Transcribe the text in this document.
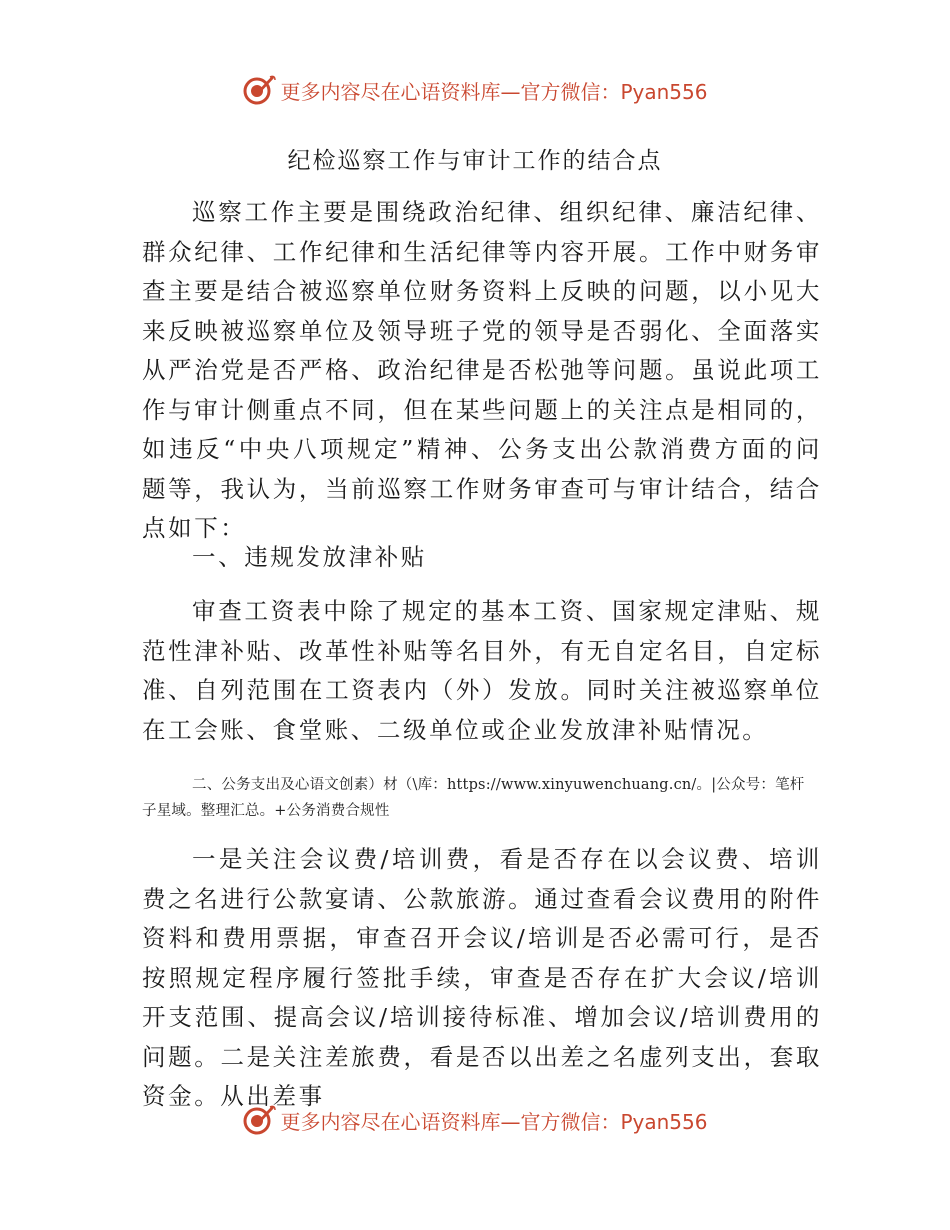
更多内容尽在心语资料库—官方微信：Pyan556
纪检巡察工作与审计工作的结合点

巡察工作主要是围绕政治纪律、组织纪律、廉洁纪律、群众纪律、工作纪律和生活纪律等内容开展。工作中财务审查主要是结合被巡察单位财务资料上反映的问题，以小见大来反映被巡察单位及领导班子党的领导是否弱化、全面落实从严治党是否严格、政治纪律是否松弛等问题。虽说此项工作与审计侧重点不同，但在某些问题上的关注点是相同的，如违反“中央八项规定”精神、公务支出公款消费方面的问题等，我认为，当前巡察工作财务审查可与审计结合，结合点如下：

一、违规发放津补贴

审查工资表中除了规定的基本工资、国家规定津贴、规范性津补贴、改革性补贴等名目外，有无自定名目，自定标准、自列范围在工资表内（外）发放。同时关注被巡察单位在工会账、食堂账、二级单位或企业发放津补贴情况。

二、公务支出及心语文创素）材（\库：https://www.xinyuwenchuang.cn/。|公众号：笔杆子星域。整理汇总。+公务消费合规性

一是关注会议费/培训费，看是否存在以会议费、培训费之名进行公款宴请、公款旅游。通过查看会议费用的附件资料和费用票据，审查召开会议/培训是否必需可行，是否按照规定程序履行签批手续，审查是否存在扩大会议/培训开支范围、提高会议/培训接待标准、增加会议/培训费用的问题。二是关注差旅费，看是否以出差之名虚列支出，套取资金。从出差事

更多内容尽在心语资料库—官方微信：Pyan556
